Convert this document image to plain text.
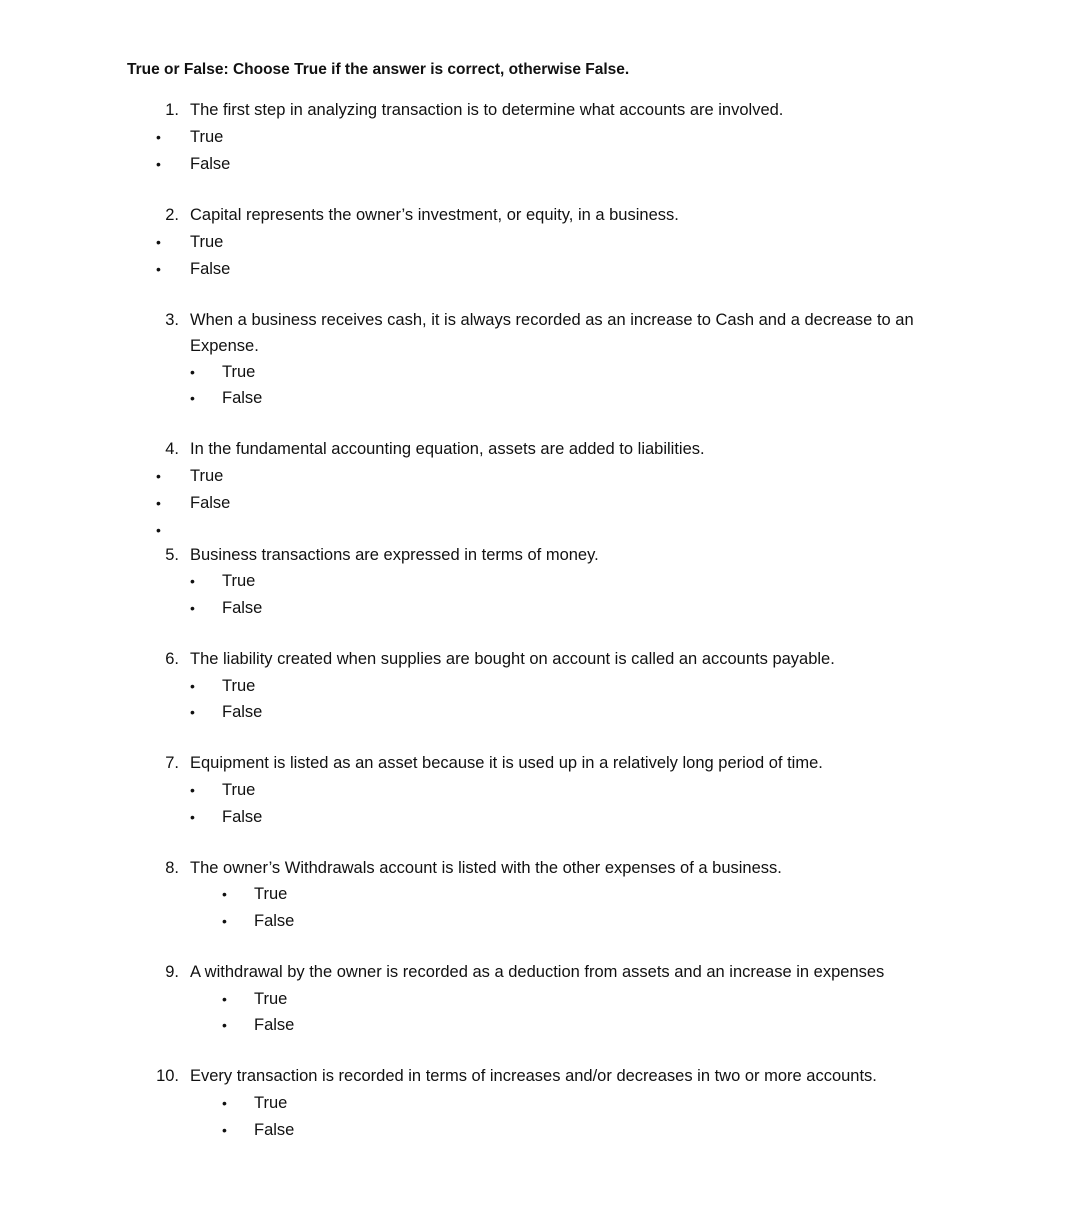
True or False: Choose True if the answer is correct, otherwise False.
1. The first step in analyzing transaction is to determine what accounts are involved.
• True
• False
2. Capital represents the owner’s investment, or equity, in a business.
• True
• False
3. When a business receives cash, it is always recorded as an increase to Cash and a decrease to an
Expense.
• True
• False
4. In the fundamental accounting equation, assets are added to liabilities.
• True
• False
•
5. Business transactions are expressed in terms of money.
• True
• False
6. The liability created when supplies are bought on account is called an accounts payable.
• True
• False
7. Equipment is listed as an asset because it is used up in a relatively long period of time.
• True
• False
8. The owner’s Withdrawals account is listed with the other expenses of a business.
• True
• False
9. A withdrawal by the owner is recorded as a deduction from assets and an increase in expenses
• True
• False
10. Every transaction is recorded in terms of increases and/or decreases in two or more accounts.
• True
• False
